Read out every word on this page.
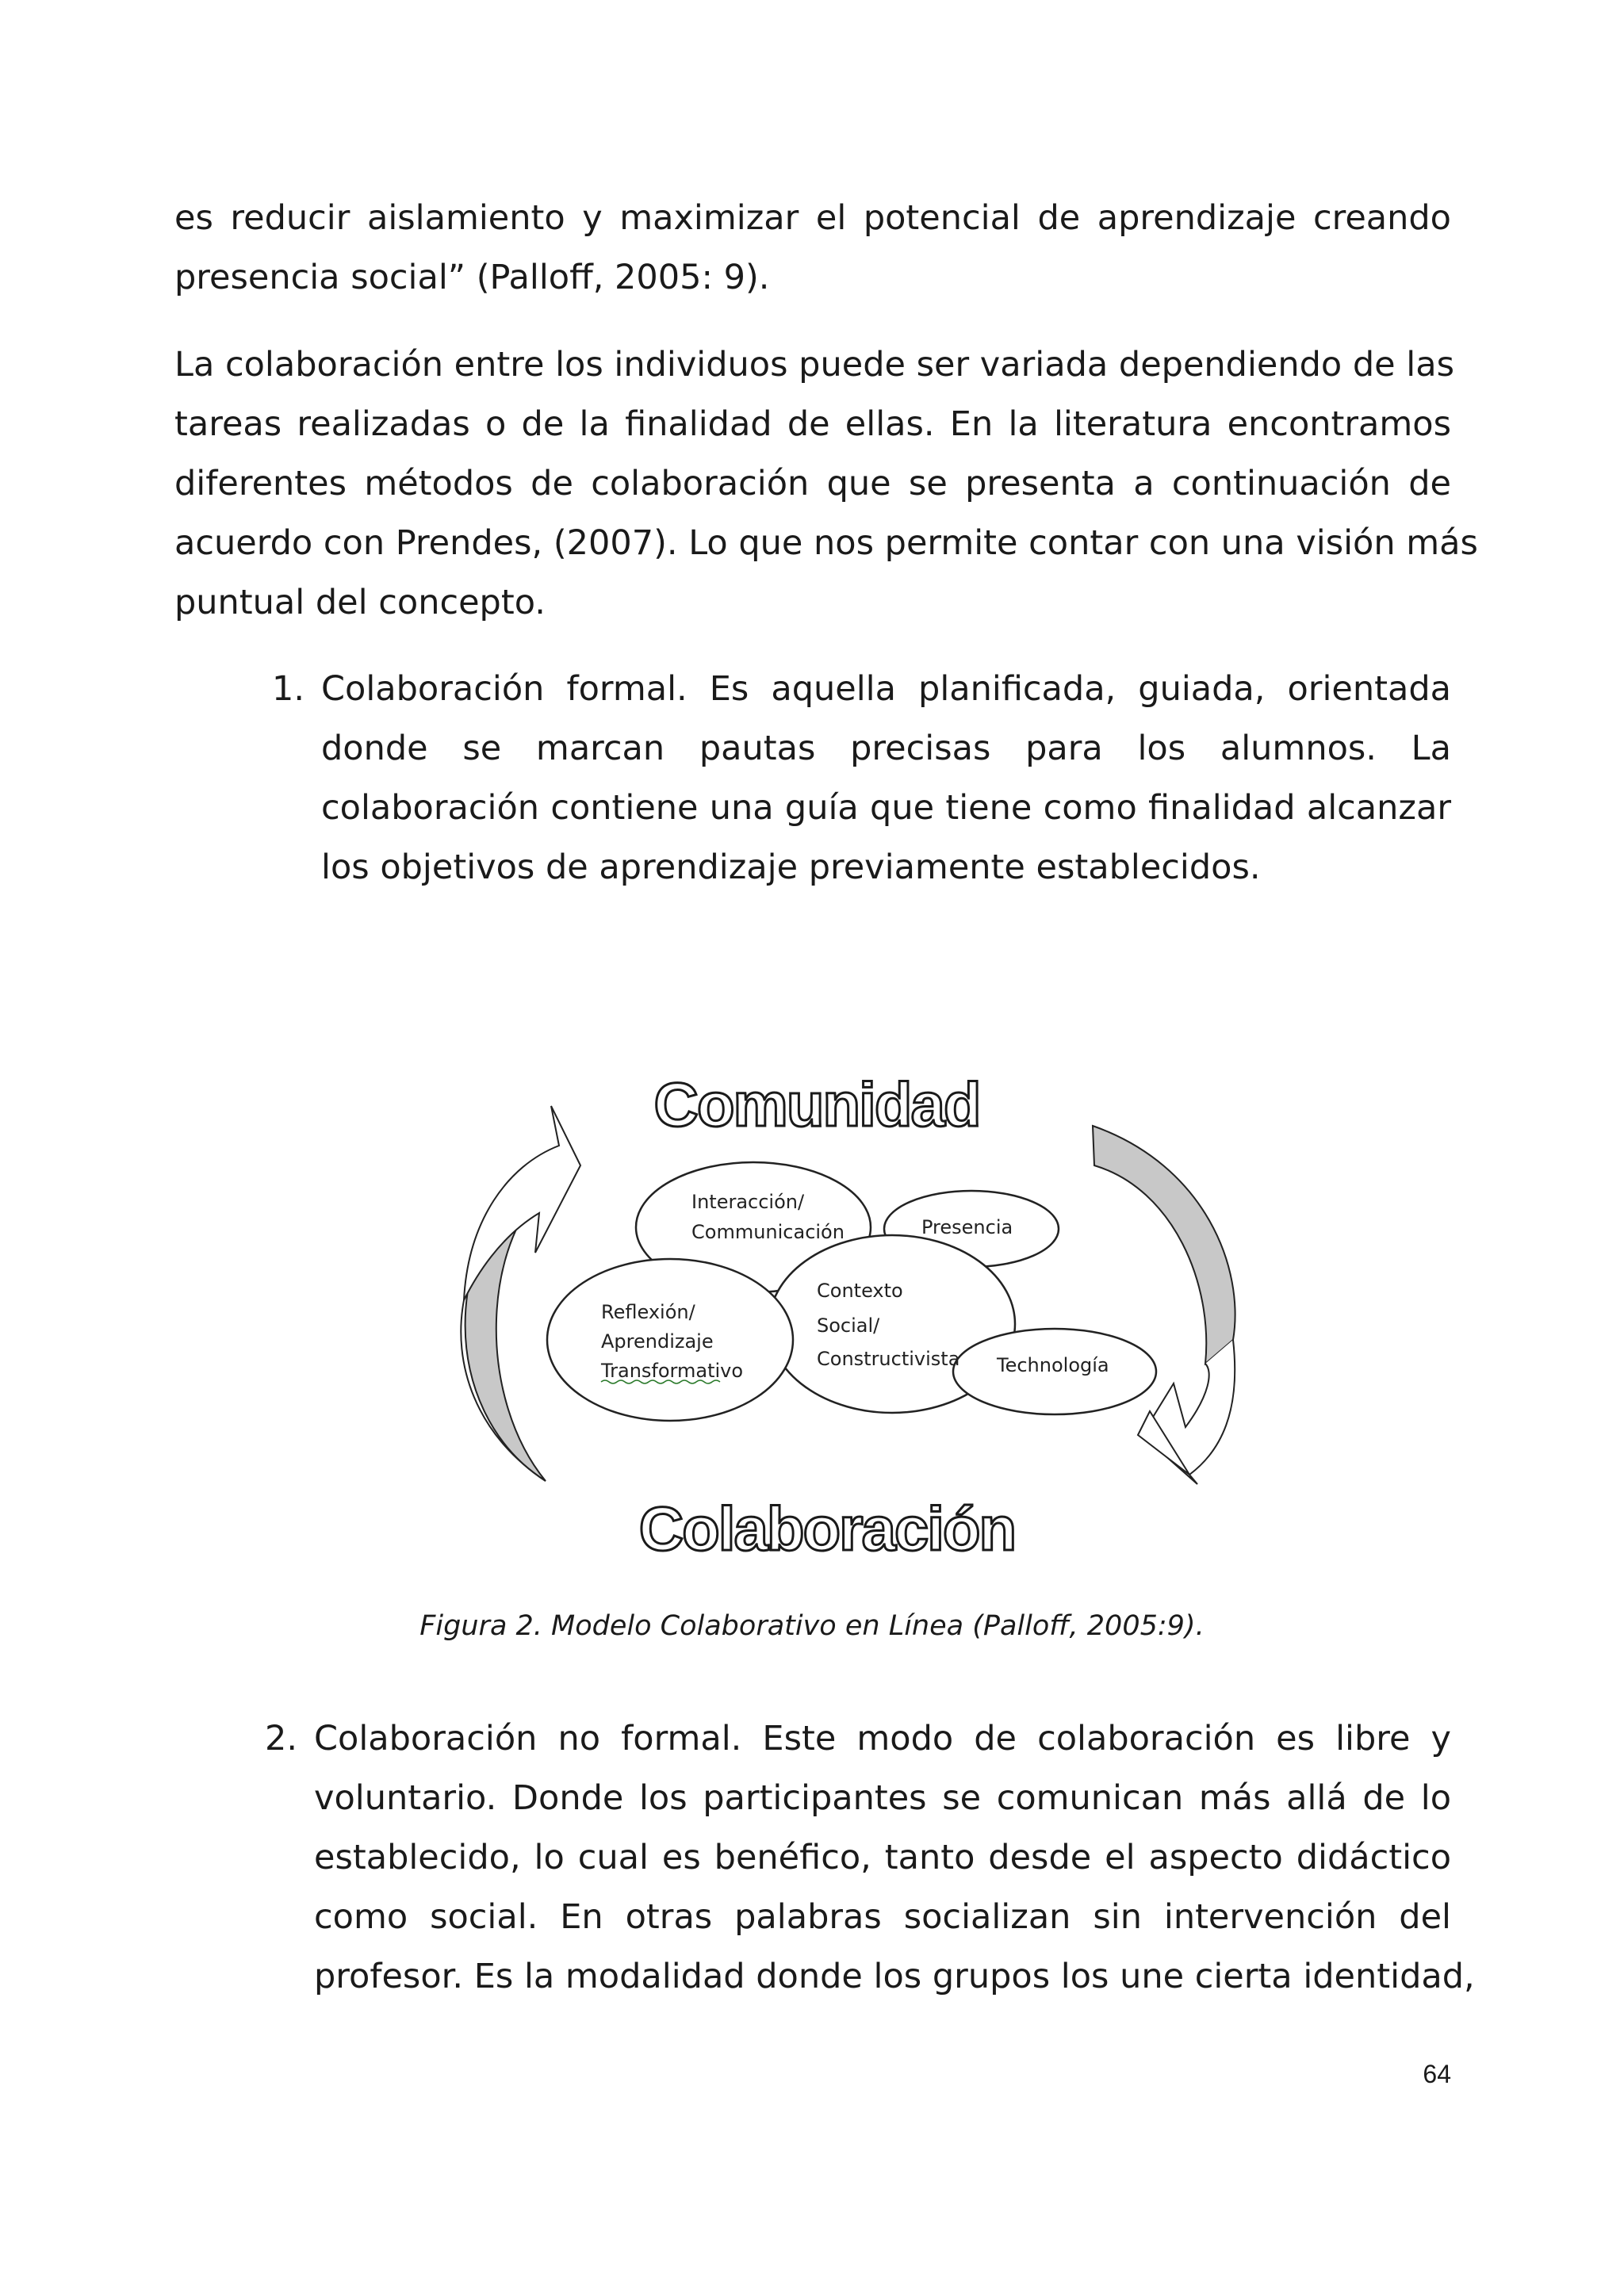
es reducir aislamiento y maximizar el potencial de aprendizaje creando
presencia social” (Palloff, 2005: 9).
La colaboración entre los individuos puede ser variada dependiendo de las
tareas realizadas o de la finalidad de ellas. En la literatura encontramos
diferentes métodos de colaboración que se presenta a continuación de
acuerdo con Prendes, (2007). Lo que nos permite contar con una visión más
puntual del concepto.
1. Colaboración formal. Es aquella planificada, guiada, orientada
donde se marcan pautas precisas para los alumnos. La
colaboración contiene una guía que tiene como finalidad alcanzar
los objetivos de aprendizaje previamente establecidos.
Comunidad
Interacción/
Communicación	Presencia
Contexto
Social/
Constructivista
Reflexión/
Aprendizaje
Transformativo	Technología
Colaboración
Figura 2. Modelo Colaborativo en Línea (Palloff, 2005:9).
2. Colaboración no formal. Este modo de colaboración es libre y
voluntario. Donde los participantes se comunican más allá de lo
establecido, lo cual es benéfico, tanto desde el aspecto didáctico
como social. En otras palabras socializan sin intervención del
profesor. Es la modalidad donde los grupos los une cierta identidad,
64
